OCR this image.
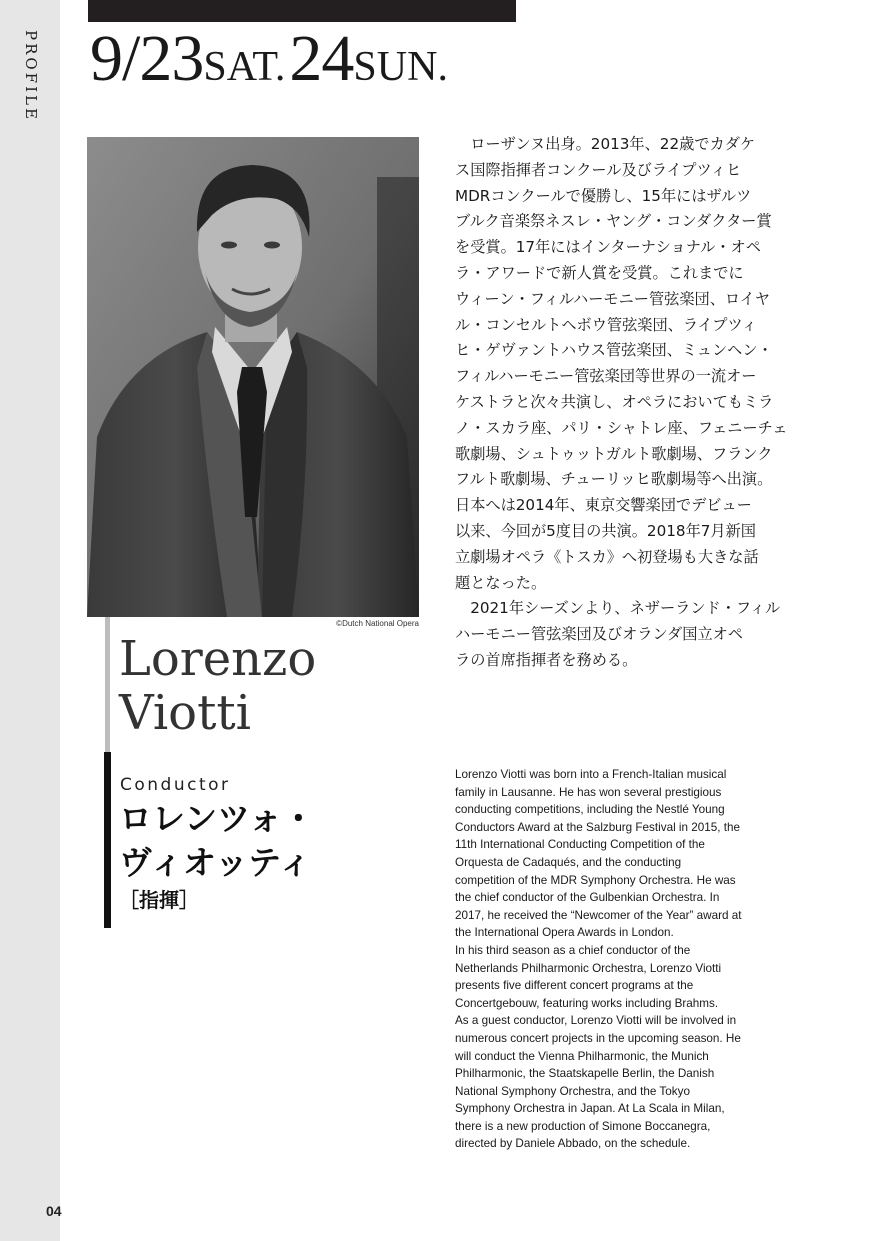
PROFILE
04
9/23SAT. 24SUN.
©Dutch National Opera
Lorenzo
Viotti
Conductor
ロレンツォ・
ヴィオッティ
［指揮］
　ローザンヌ出身。2013年、22歳でカダケ
ス国際指揮者コンクール及びライプツィヒ
MDRコンクールで優勝し、15年にはザルツ
ブルク音楽祭ネスレ・ヤング・コンダクター賞
を受賞。17年にはインターナショナル・オペ
ラ・アワードで新人賞を受賞。これまでに
ウィーン・フィルハーモニー管弦楽団、ロイヤ
ル・コンセルトヘボウ管弦楽団、ライプツィ
ヒ・ゲヴァントハウス管弦楽団、ミュンヘン・
フィルハーモニー管弦楽団等世界の一流オー
ケストラと次々共演し、オペラにおいてもミラ
ノ・スカラ座、パリ・シャトレ座、フェニーチェ
歌劇場、シュトゥットガルト歌劇場、フランク
フルト歌劇場、チューリッヒ歌劇場等へ出演。
日本へは2014年、東京交響楽団でデビュー
以来、今回が5度目の共演。2018年7月新国
立劇場オペラ《トスカ》へ初登場も大きな話
題となった。
　2021年シーズンより、ネザーランド・フィル
ハーモニー管弦楽団及びオランダ国立オペ
ラの首席指揮者を務める。
Lorenzo Viotti was born into a French-Italian musical
family in Lausanne. He has won several prestigious
conducting competitions, including the Nestlé Young
Conductors Award at the Salzburg Festival in 2015, the
11th International Conducting Competition of the
Orquesta de Cadaqués, and the conducting
competition of the MDR Symphony Orchestra. He was
the chief conductor of the Gulbenkian Orchestra. In
2017, he received the “Newcomer of the Year” award at
the International Opera Awards in London.
In his third season as a chief conductor of the
Netherlands Philharmonic Orchestra, Lorenzo Viotti
presents five different concert programs at the
Concertgebouw, featuring works including Brahms.
As a guest conductor, Lorenzo Viotti will be involved in
numerous concert projects in the upcoming season. He
will conduct the Vienna Philharmonic, the Munich
Philharmonic, the Staatskapelle Berlin, the Danish
National Symphony Orchestra, and the Tokyo
Symphony Orchestra in Japan. At La Scala in Milan,
there is a new production of Simone Boccanegra,
directed by Daniele Abbado, on the schedule.
